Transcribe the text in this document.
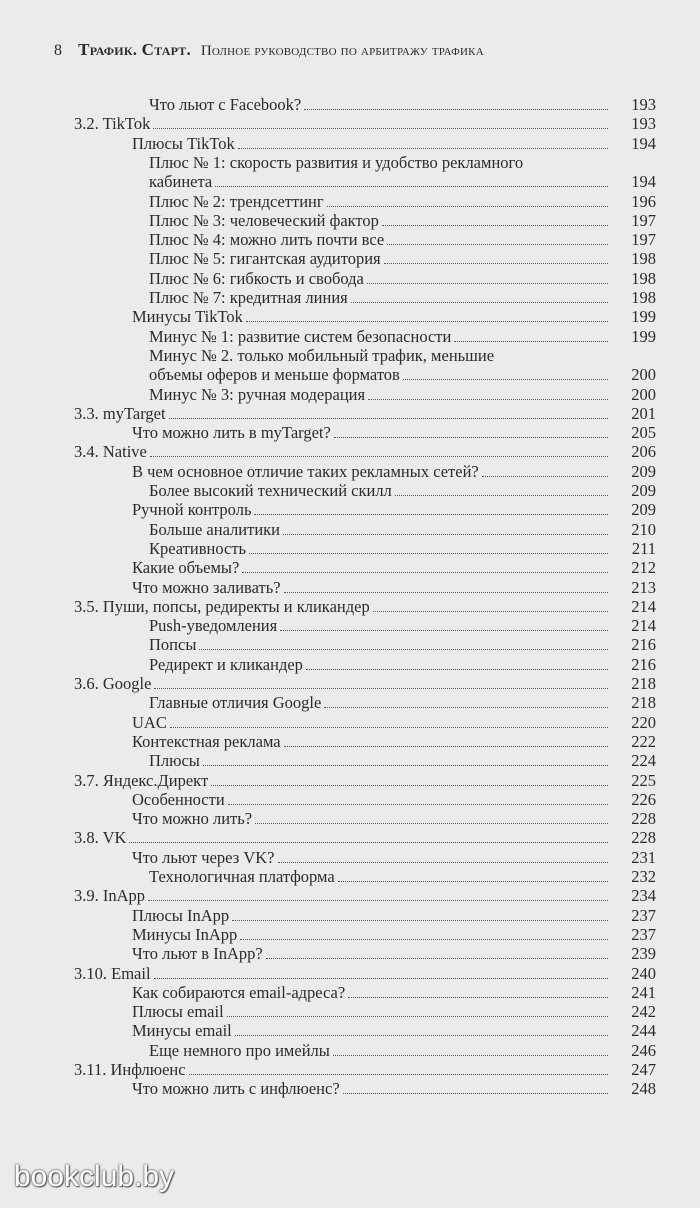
8 Трафик. Старт. Полное руководство по арбитражу трафика
Что льют с Facebook?	193
3.2. TikTok	193
Плюсы TikTok	194
Плюс № 1: скорость развития и удобство рекламного
кабинета	194
Плюс № 2: трендсеттинг	196
Плюс № 3: человеческий фактор	197
Плюс № 4: можно лить почти все	197
Плюс № 5: гигантская аудитория	198
Плюс № 6: гибкость и свобода	198
Плюс № 7: кредитная линия	198
Минусы TikTok	199
Минус № 1: развитие систем безопасности	199
Минус № 2. только мобильный трафик, меньшие
объемы оферов и меньше форматов	200
Минус № 3: ручная модерация	200
3.3. myTarget	201
Что можно лить в myTarget?	205
3.4. Native	206
В чем основное отличие таких рекламных сетей?	209
Более высокий технический скилл	209
Ручной контроль	209
Больше аналитики	210
Креативность	211
Какие объемы?	212
Что можно заливать?	213
3.5. Пуши, попсы, редиректы и кликандер	214
Push-уведомления	214
Попсы	216
Редирект и кликандер	216
3.6. Google	218
Главные отличия Google	218
UAC	220
Контекстная реклама	222
Плюсы	224
3.7. Яндекс.Директ	225
Особенности	226
Что можно лить?	228
3.8. VK	228
Что льют через VK?	231
Технологичная платформа	232
3.9. InApp	234
Плюсы InApp	237
Минусы InApp	237
Что льют в InApp?	239
3.10. Email	240
Как собираются email-адреса?	241
Плюсы email	242
Минусы email	244
Еще немного про имейлы	246
3.11. Инфлюенс	247
Что можно лить с инфлюенс?	248
bookclub.by
